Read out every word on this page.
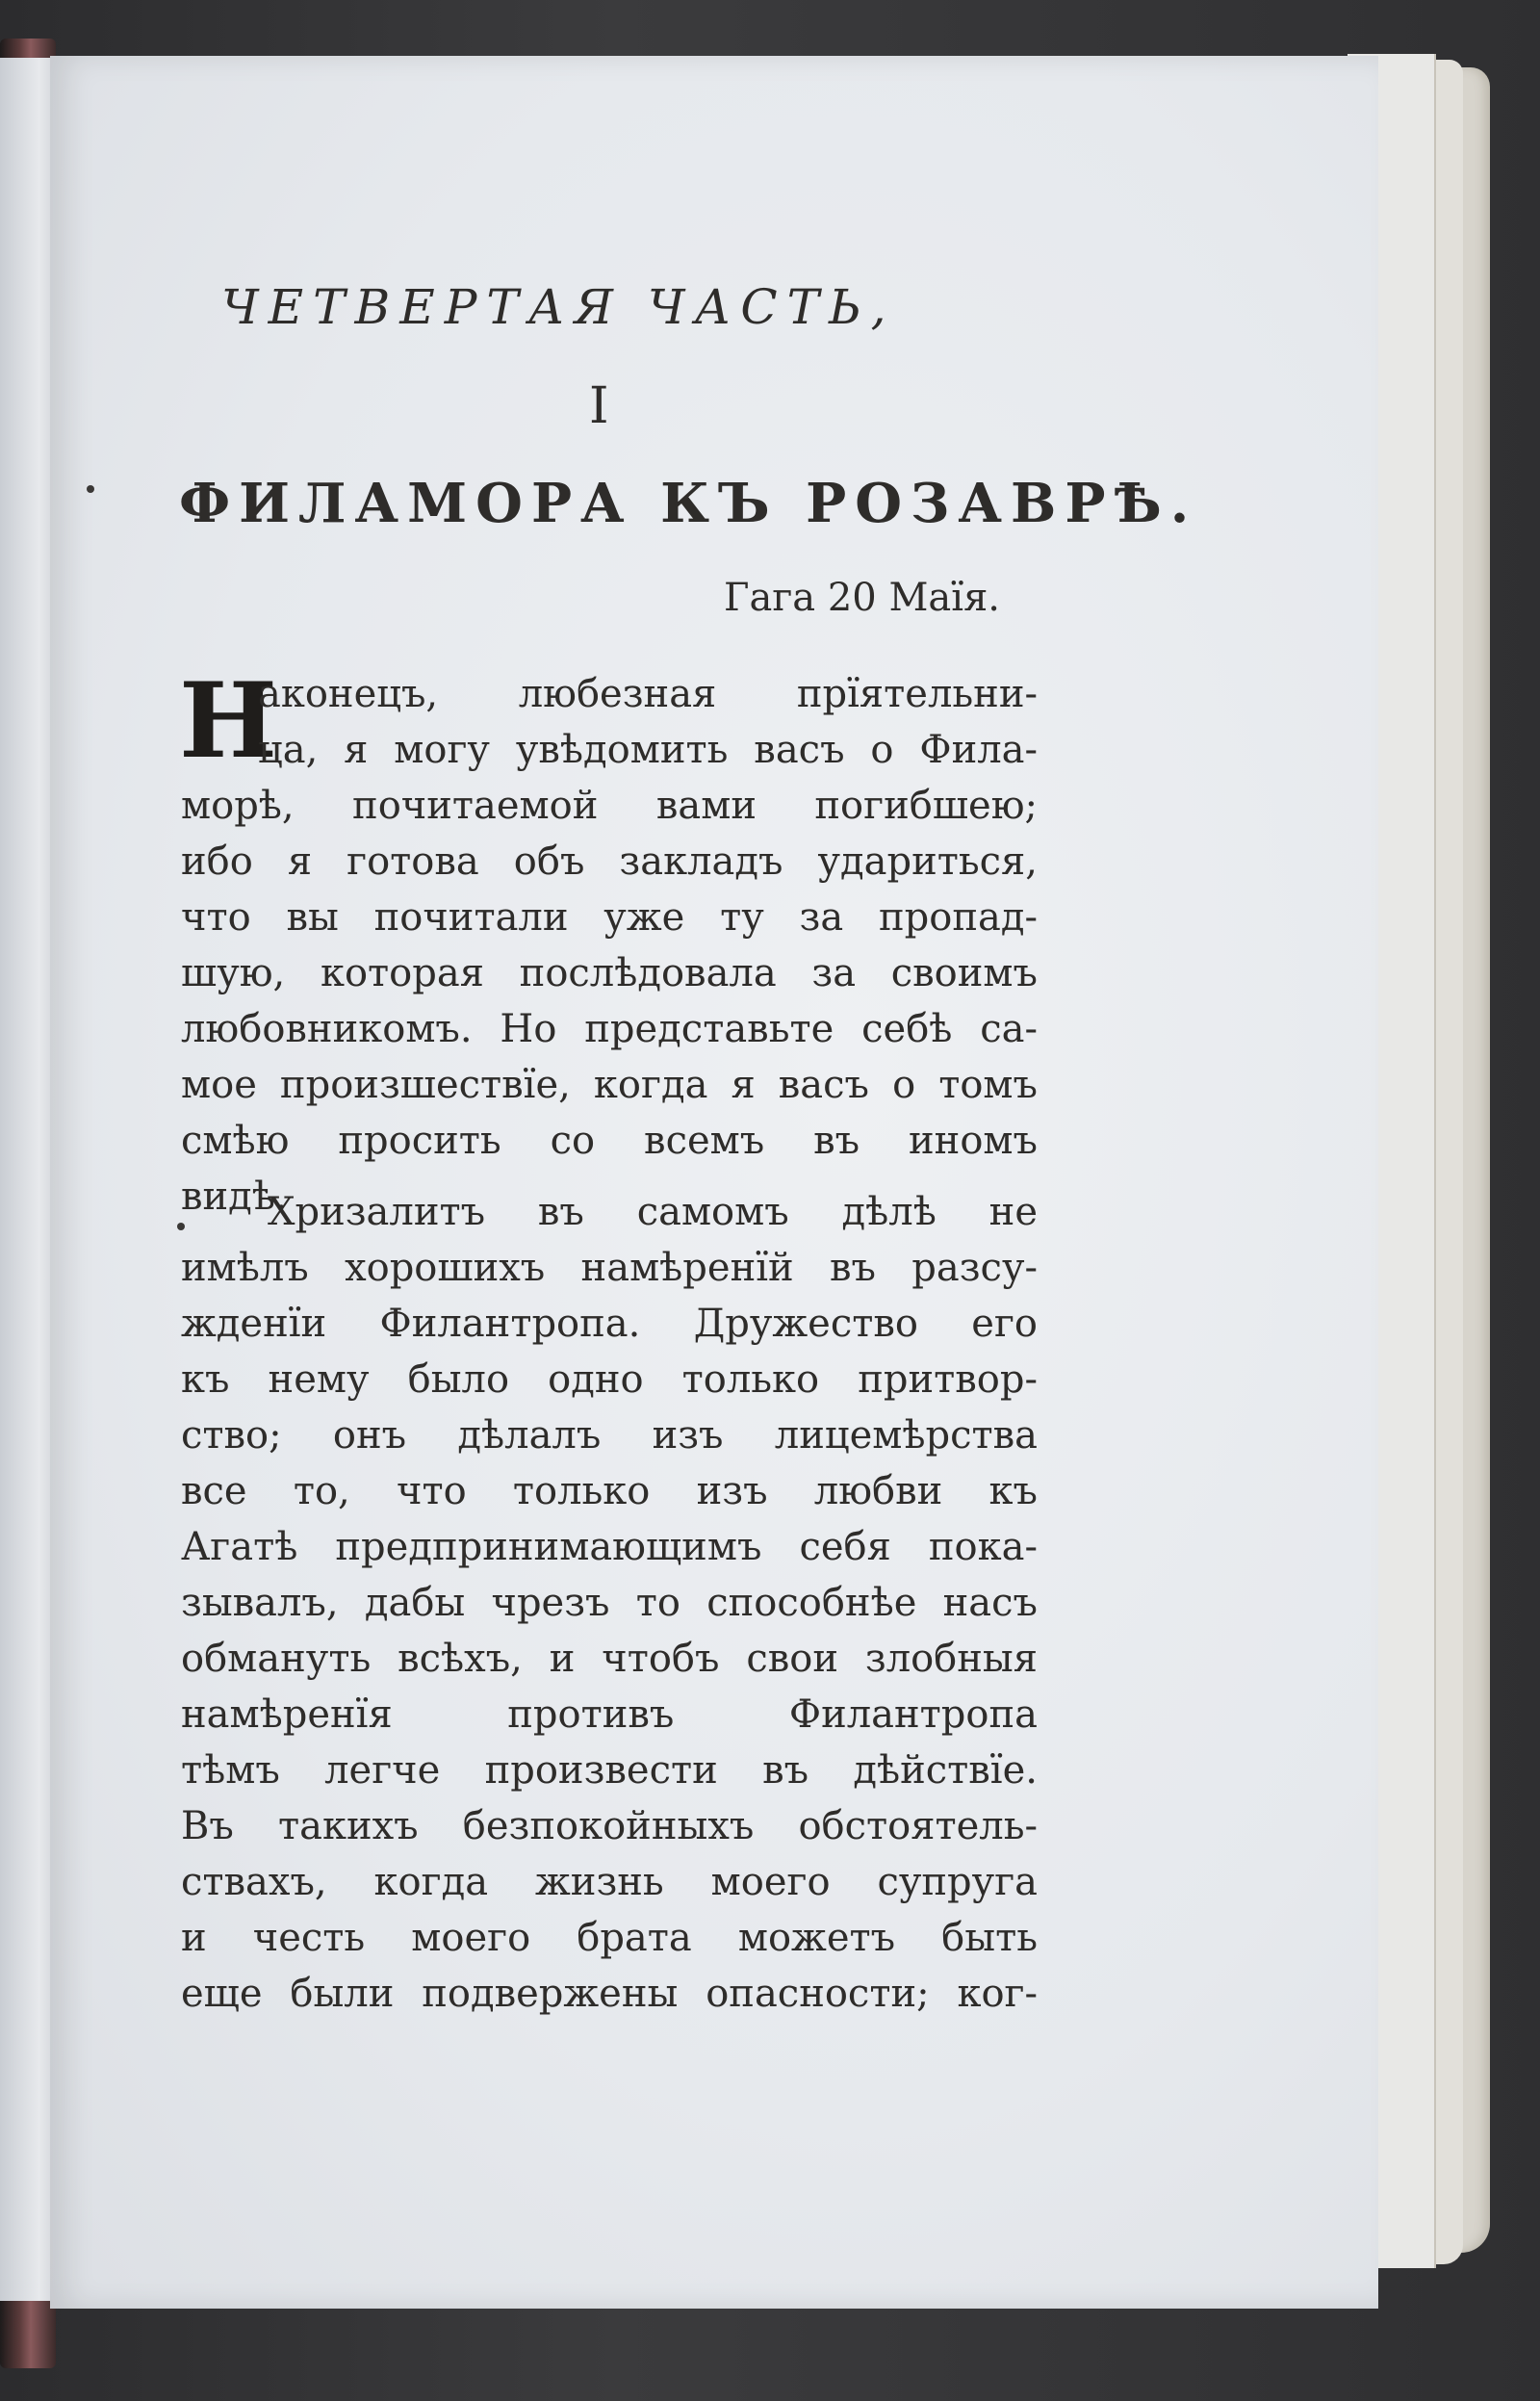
ЧЕТВЕРТАЯ ЧАСТЬ,
I
ФИЛАМОРА КЪ РОЗАВРѢ.
Гага 20 Маїя.
Н
аконецъ, любезная прїятельни-
ца, я могу увѣдомить васъ о Фила-
морѣ, почитаемой вами погибшею;
ибо я готова объ закладъ удариться,
что вы почитали уже ту за пропад-
шую, которая послѣдовала за своимъ
любовникомъ. Но представьте себѣ са-
мое произшествїе, когда я васъ о томъ
смѣю просить со всемъ въ иномъ
видѣ.
Хризалитъ въ самомъ дѣлѣ не
имѣлъ хорошихъ намѣренїй въ разсу-
жденїи Филантропа. Дружество его
къ нему было одно только притвор-
ство; онъ дѣлалъ изъ лицемѣрства
все то, что только изъ любви къ
Агатѣ предпринимающимъ себя пока-
зывалъ, дабы чрезъ то способнѣе насъ
обмануть всѣхъ, и чтобъ свои злобныя
намѣренїя противъ Филантропа
тѣмъ легче произвести въ дѣйствїе.
Въ такихъ безпокойныхъ обстоятель-
ствахъ, когда жизнь моего супруга
и честь моего брата можетъ быть
еще были подвержены опасности; ког-
